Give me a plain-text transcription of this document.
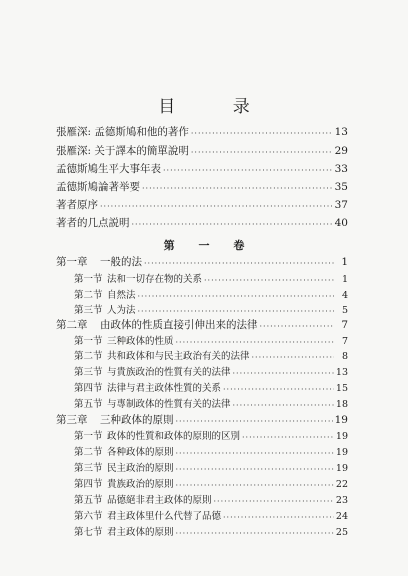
目 录
張雁深: 孟德斯鳩和他的著作 ·····	13
張雁深: 关于譯本的簡單說明 ·····	29
孟德斯鳩生平大事年表 ·····	33
孟德斯鳩論著举要 ·····	35
著者原序 ·····	37
著者的几点説明 ·····	40
第 一 卷
第一章 一般的法 ·····	1
第一节 法和一切存在物的关系 ·····	1
第二节 自然法 ·····	4
第三节 人为法 ·····	5
第二章 由政体的性质直接引伸出来的法律 ·····	7
第一节 三种政体的性质 ·····	7
第二节 共和政体和与民主政治有关的法律 ·····	8
第三节 与貴族政治的性質有关的法律 ·····	13
第四节 法律与君主政体性質的关系 ·····	15
第五节 与專制政体的性質有关的法律 ·····	18
第三章 三种政体的原則 ·····	19
第一节 政体的性質和政体的原則的区別 ·····	19
第二节 各种政体的原則 ·····	19
第三节 民主政治的原則 ·····	19
第四节 貴族政治的原則 ·····	22
第五节 品德絕非君主政体的原則 ·····	23
第六节 君主政体里什么代替了品德 ·····	24
第七节 君主政体的原則 ·····	25
